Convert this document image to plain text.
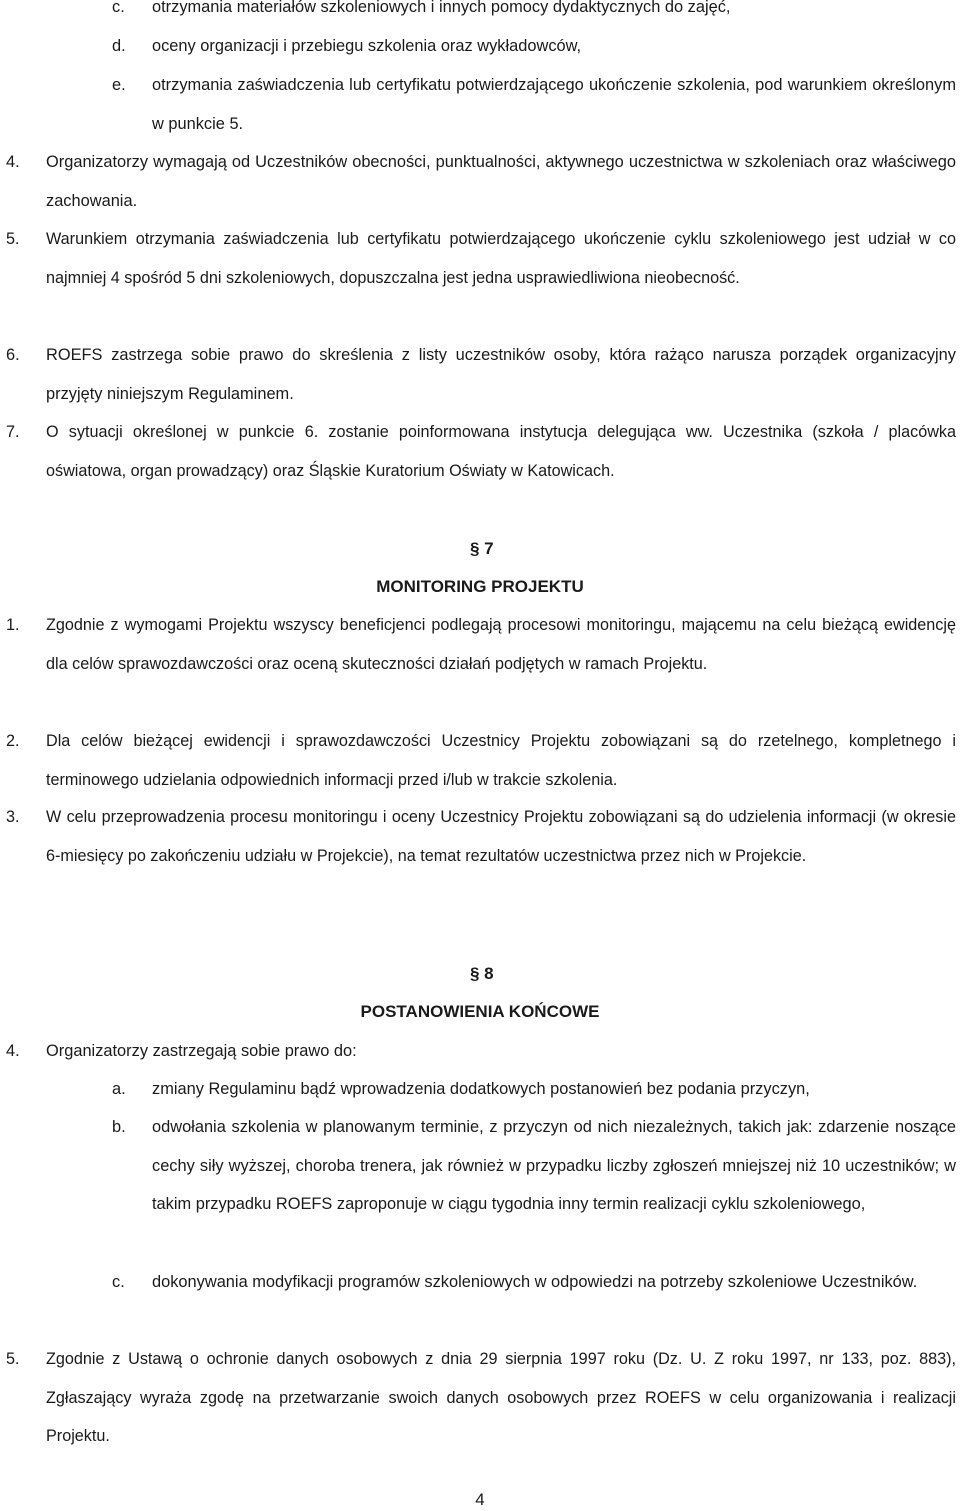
c. otrzymania materiałów szkoleniowych i innych pomocy dydaktycznych do zajęć,
d. oceny organizacji i przebiegu szkolenia oraz wykładowców,
e. otrzymania zaświadczenia lub certyfikatu potwierdzającego ukończenie szkolenia, pod warunkiem określonym w punkcie 5.
4. Organizatorzy wymagają od Uczestników obecności, punktualności, aktywnego uczestnictwa w szkoleniach oraz właściwego zachowania.
5. Warunkiem otrzymania zaświadczenia lub certyfikatu potwierdzającego ukończenie cyklu szkoleniowego jest udział w co najmniej 4 spośród 5 dni szkoleniowych, dopuszczalna jest jedna usprawiedliwiona nieobecność.
6. ROEFS zastrzega sobie prawo do skreślenia z listy uczestników osoby, która rażąco narusza porządek organizacyjny przyjęty niniejszym Regulaminem.
7. O sytuacji określonej w punkcie 6. zostanie poinformowana instytucja delegująca ww. Uczestnika (szkoła / placówka oświatowa, organ prowadzący) oraz Śląskie Kuratorium Oświaty w Katowicach.
§ 7
MONITORING PROJEKTU
1. Zgodnie z wymogami Projektu wszyscy beneficjenci podlegają procesowi monitoringu, mającemu na celu bieżącą ewidencję dla celów sprawozdawczości oraz oceną skuteczności działań podjętych w ramach Projektu.
2. Dla celów bieżącej ewidencji i sprawozdawczości Uczestnicy Projektu zobowiązani są do rzetelnego, kompletnego i terminowego udzielania odpowiednich informacji przed i/lub w trakcie szkolenia.
3. W celu przeprowadzenia procesu monitoringu i oceny Uczestnicy Projektu zobowiązani są do udzielenia informacji (w okresie 6-miesięcy po zakończeniu udziału w Projekcie), na temat rezultatów uczestnictwa przez nich w Projekcie.
§ 8
POSTANOWIENIA KOŃCOWE
4. Organizatorzy zastrzegają sobie prawo do:
a. zmiany Regulaminu bądź wprowadzenia dodatkowych postanowień bez podania przyczyn,
b. odwołania szkolenia w planowanym terminie, z przyczyn od nich niezależnych, takich jak: zdarzenie noszące cechy siły wyższej, choroba trenera, jak również w przypadku liczby zgłoszeń mniejszej niż 10 uczestników; w takim przypadku ROEFS zaproponuje w ciągu tygodnia inny termin realizacji cyklu szkoleniowego,
c. dokonywania modyfikacji programów szkoleniowych w odpowiedzi na potrzeby szkoleniowe Uczestników.
5. Zgodnie z Ustawą o ochronie danych osobowych z dnia 29 sierpnia 1997 roku (Dz. U. Z roku 1997, nr 133, poz. 883), Zgłaszający wyraża zgodę na przetwarzanie swoich danych osobowych przez ROEFS w celu organizowania i realizacji Projektu.
4
